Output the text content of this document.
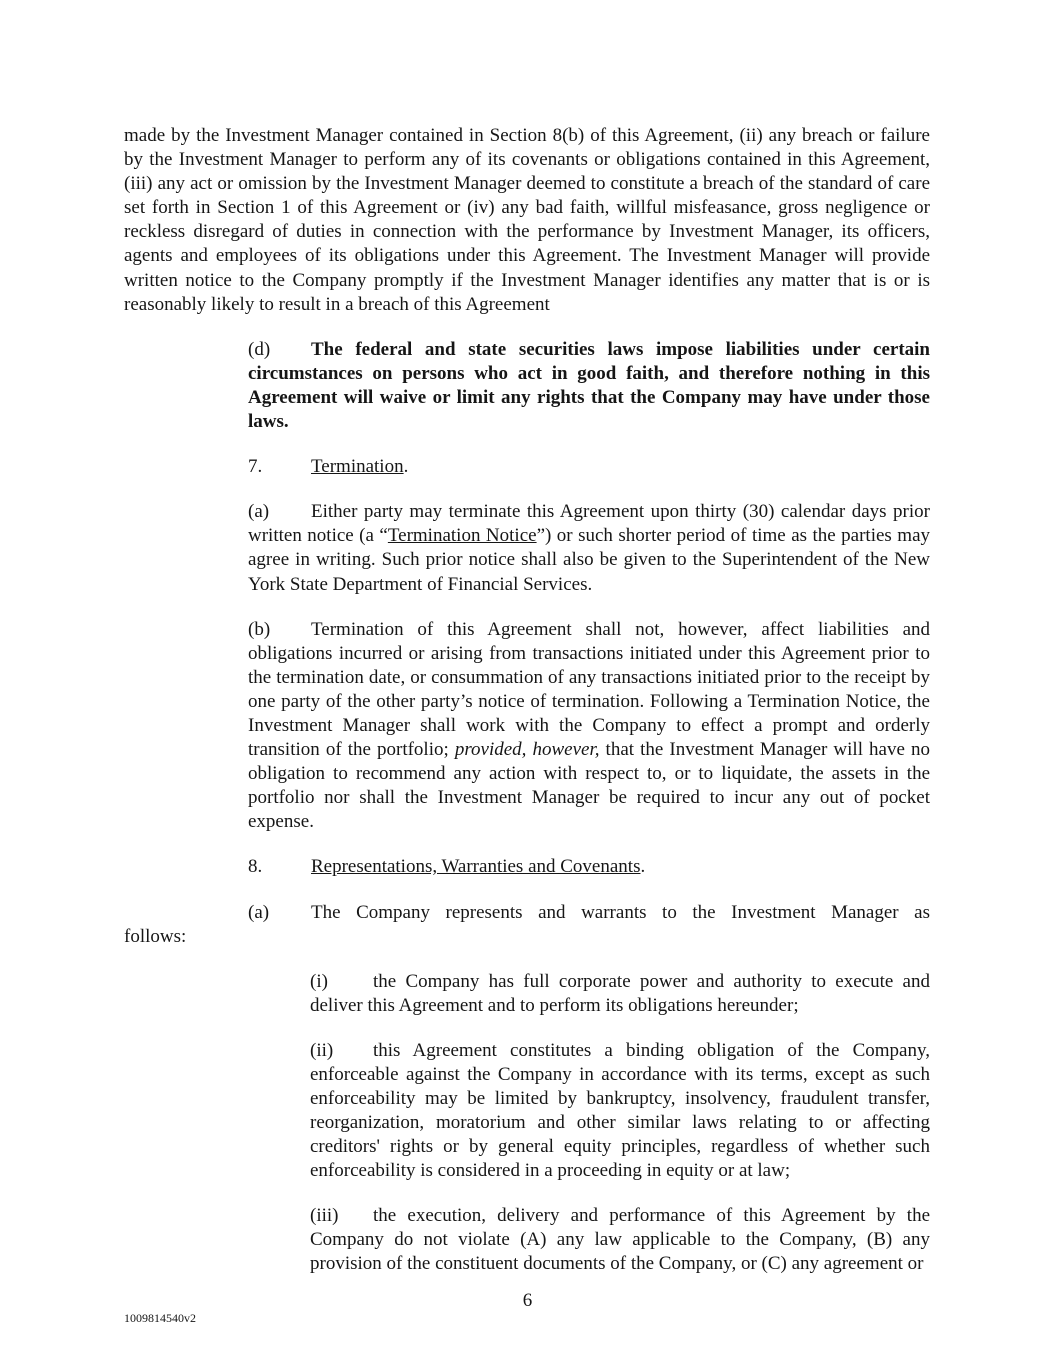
made by the Investment Manager contained in Section 8(b) of this Agreement, (ii) any breach or failure by the Investment Manager to perform any of its covenants or obligations contained in this Agreement, (iii) any act or omission by the Investment Manager deemed to constitute a breach of the standard of care set forth in Section 1 of this Agreement or (iv) any bad faith, willful misfeasance, gross negligence or reckless disregard of duties in connection with the performance by Investment Manager, its officers, agents and employees of its obligations under this Agreement. The Investment Manager will provide written notice to the Company promptly if the Investment Manager identifies any matter that is or is reasonably likely to result in a breach of this Agreement

(d) The federal and state securities laws impose liabilities under certain circumstances on persons who act in good faith, and therefore nothing in this Agreement will waive or limit any rights that the Company may have under those laws.

7.	Termination.

(a) Either party may terminate this Agreement upon thirty (30) calendar days prior written notice (a “Termination Notice”) or such shorter period of time as the parties may agree in writing. Such prior notice shall also be given to the Superintendent of the New York State Department of Financial Services.

(b) Termination of this Agreement shall not, however, affect liabilities and obligations incurred or arising from transactions initiated under this Agreement prior to the termination date, or consummation of any transactions initiated prior to the receipt by one party of the other party’s notice of termination. Following a Termination Notice, the Investment Manager shall work with the Company to effect a prompt and orderly transition of the portfolio; provided, however, that the Investment Manager will have no obligation to recommend any action with respect to, or to liquidate, the assets in the portfolio nor shall the Investment Manager be required to incur any out of pocket expense.

8.	Representations, Warranties and Covenants.

(a) The Company represents and warrants to the Investment Manager as
follows:

(i) the Company has full corporate power and authority to execute and deliver this Agreement and to perform its obligations hereunder;

(ii) this Agreement constitutes a binding obligation of the Company, enforceable against the Company in accordance with its terms, except as such enforceability may be limited by bankruptcy, insolvency, fraudulent transfer, reorganization, moratorium and other similar laws relating to or affecting creditors' rights or by general equity principles, regardless of whether such enforceability is considered in a proceeding in equity or at law;

(iii) the execution, delivery and performance of this Agreement by the Company do not violate (A) any law applicable to the Company, (B) any provision of the constituent documents of the Company, or (C) any agreement or

6
1009814540v2
